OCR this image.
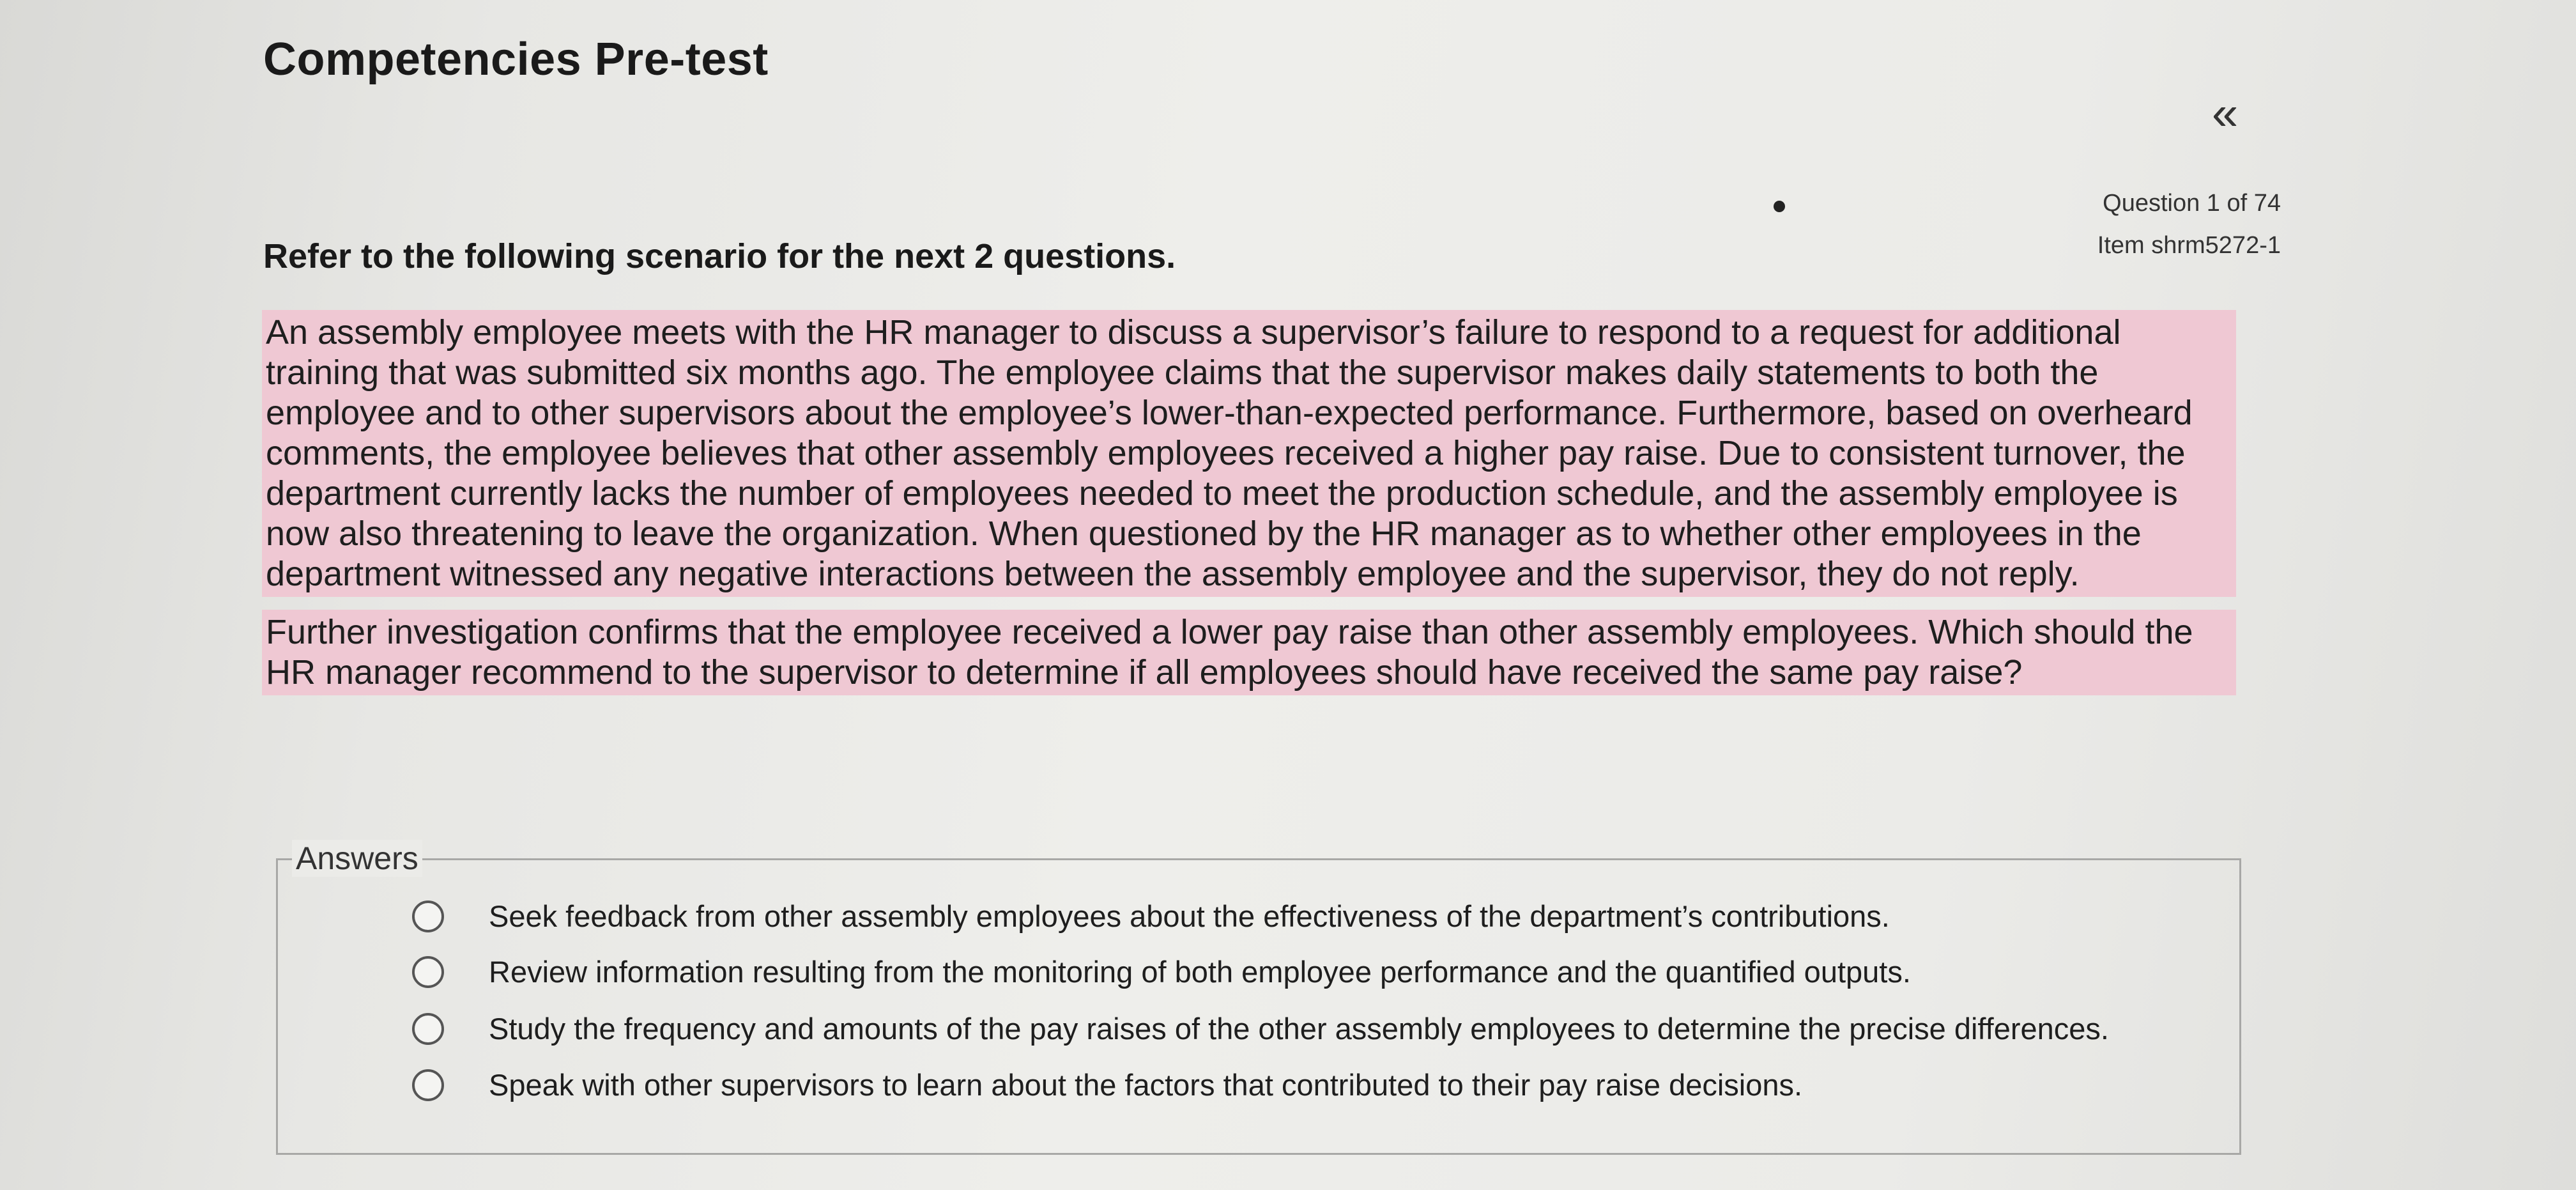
Competencies Pre-test
«
Question 1 of 74
Item shrm5272-1
Refer to the following scenario for the next 2 questions.

An assembly employee meets with the HR manager to discuss a supervisor’s failure to respond to a request for additional training that was submitted six months ago. The employee claims that the supervisor makes daily statements to both the employee and to other supervisors about the employee’s lower-than-expected performance. Furthermore, based on overheard comments, the employee believes that other assembly employees received a higher pay raise. Due to consistent turnover, the department currently lacks the number of employees needed to meet the production schedule, and the assembly employee is now also threatening to leave the organization. When questioned by the HR manager as to whether other employees in the department witnessed any negative interactions between the assembly employee and the supervisor, they do not reply.

Further investigation confirms that the employee received a lower pay raise than other assembly employees. Which should the HR manager recommend to the supervisor to determine if all employees should have received the same pay raise?

Answers
Seek feedback from other assembly employees about the effectiveness of the department’s contributions.
Review information resulting from the monitoring of both employee performance and the quantified outputs.
Study the frequency and amounts of the pay raises of the other assembly employees to determine the precise differences.
Speak with other supervisors to learn about the factors that contributed to their pay raise decisions.
